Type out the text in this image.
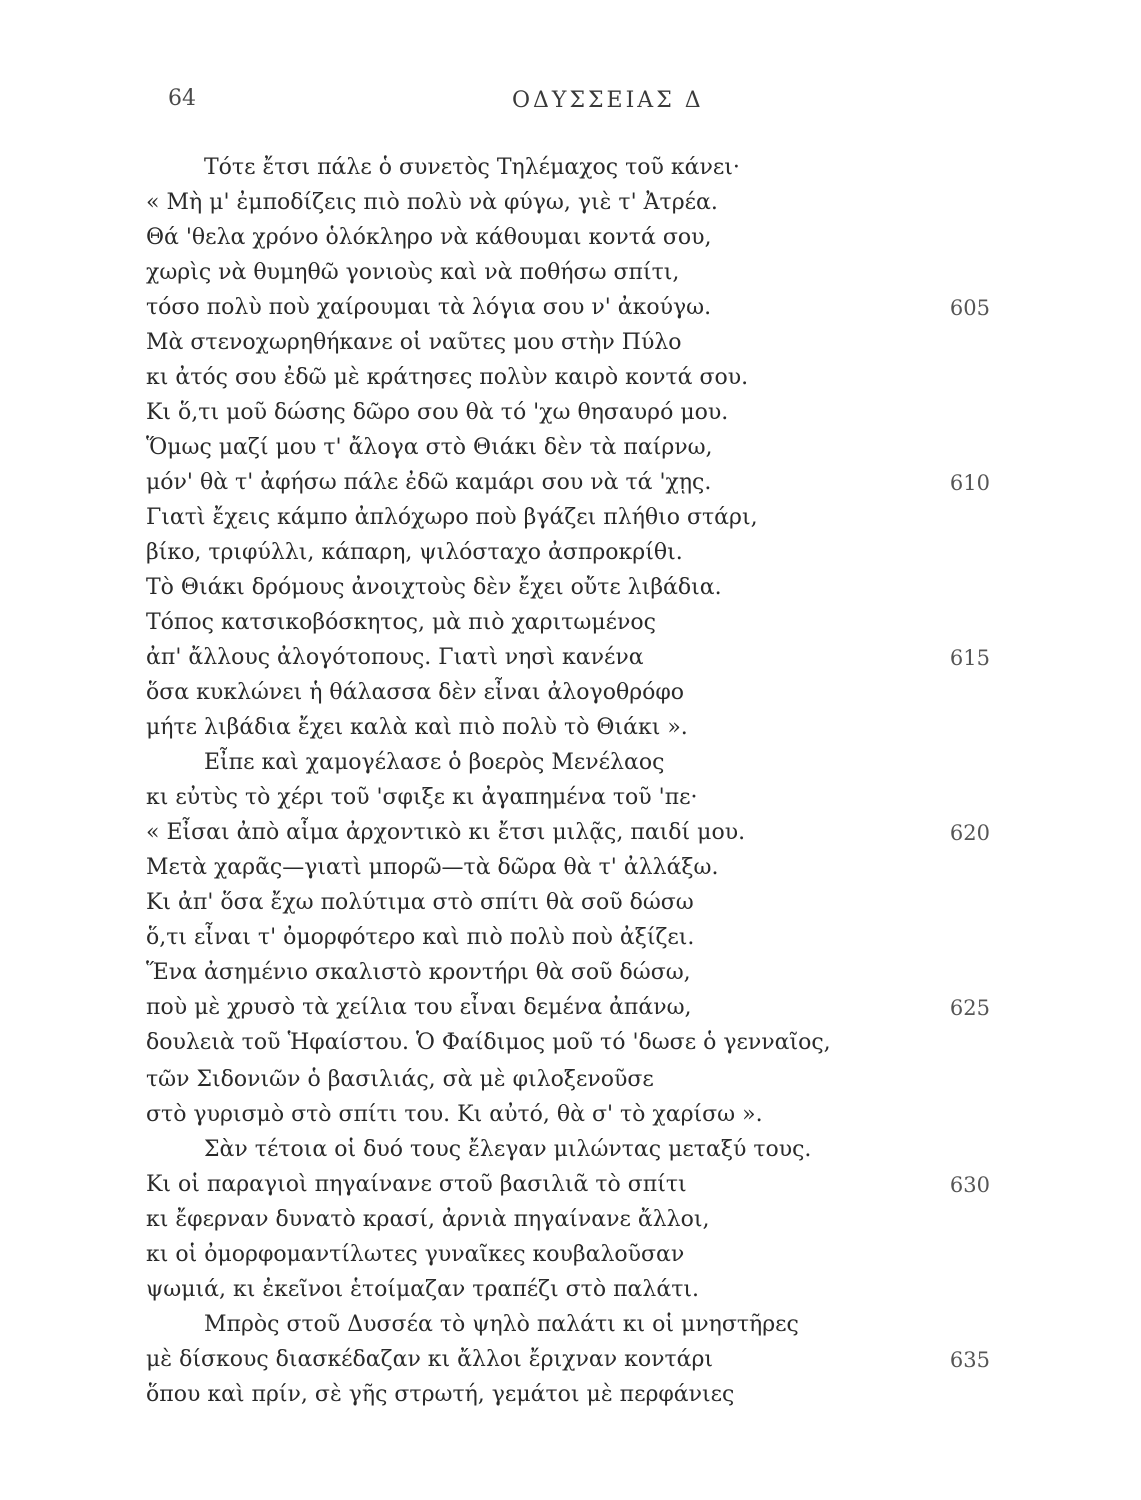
64	ΟΔΥΣΣΕΙΑΣ Δ
Τότε ἔτσι πάλε ὁ συνετὸς Τηλέμαχος τοῦ κάνει·
« Μὴ μ' ἐμποδίζεις πιὸ πολὺ νὰ φύγω, γιὲ τ' Ἀτρέα.
Θά 'θελα χρόνο ὁλόκληρο νὰ κάθουμαι κοντά σου,
χωρὶς νὰ θυμηθῶ γονιοὺς καὶ νὰ ποθήσω σπίτι,
τόσο πολὺ ποὺ χαίρουμαι τὰ λόγια σου ν' ἀκούγω.	605
Μὰ στενοχωρηθήκανε οἱ ναῦτες μου στὴν Πύλο
κι ἀτός σου ἐδῶ μὲ κράτησες πολὺν καιρὸ κοντά σου.
Κι ὅ,τι μοῦ δώσης δῶρο σου θὰ τό 'χω θησαυρό μου.
Ὅμως μαζί μου τ' ἄλογα στὸ Θιάκι δὲν τὰ παίρνω,
μόν' θὰ τ' ἀφήσω πάλε ἐδῶ καμάρι σου νὰ τά 'χῃς.	610
Γιατὶ ἔχεις κάμπο ἀπλόχωρο ποὺ βγάζει πλήθιο στάρι,
βίκο, τριφύλλι, κάπαρη, ψιλόσταχο ἀσπροκρίθι.
Τὸ Θιάκι δρόμους ἀνοιχτοὺς δὲν ἔχει οὔτε λιβάδια.
Τόπος κατσικοβόσκητος, μὰ πιὸ χαριτωμένος
ἀπ' ἄλλους ἀλογότοπους. Γιατὶ νησὶ κανένα	615
ὅσα κυκλώνει ἡ θάλασσα δὲν εἶναι ἀλογοθρόφο
μήτε λιβάδια ἔχει καλὰ καὶ πιὸ πολὺ τὸ Θιάκι ».
Εἶπε καὶ χαμογέλασε ὁ βοερὸς Μενέλαος
κι εὐτὺς τὸ χέρι τοῦ 'σφιξε κι ἀγαπημένα τοῦ 'πε·
« Εἶσαι ἀπὸ αἷμα ἀρχοντικὸ κι ἔτσι μιλᾷς, παιδί μου.	620
Μετὰ χαρᾶς—γιατὶ μπορῶ—τὰ δῶρα θὰ τ' ἀλλάξω.
Κι ἀπ' ὅσα ἔχω πολύτιμα στὸ σπίτι θὰ σοῦ δώσω
ὅ,τι εἶναι τ' ὀμορφότερο καὶ πιὸ πολὺ ποὺ ἀξίζει.
Ἕνα ἀσημένιο σκαλιστὸ κροντήρι θὰ σοῦ δώσω,
ποὺ μὲ χρυσὸ τὰ χείλια του εἶναι δεμένα ἀπάνω,	625
δουλειὰ τοῦ Ἡφαίστου. Ὁ Φαίδιμος μοῦ τό 'δωσε ὁ γενναῖος,
τῶν Σιδονιῶν ὁ βασιλιάς, σὰ μὲ φιλοξενοῦσε
στὸ γυρισμὸ στὸ σπίτι του. Κι αὐτό, θὰ σ' τὸ χαρίσω ».
Σὰν τέτοια οἱ δυό τους ἔλεγαν μιλώντας μεταξύ τους.
Κι οἱ παραγιοὶ πηγαίνανε στοῦ βασιλιᾶ τὸ σπίτι	630
κι ἔφερναν δυνατὸ κρασί, ἀρνιὰ πηγαίνανε ἄλλοι,
κι οἱ ὀμορφομαντίλωτες γυναῖκες κουβαλοῦσαν
ψωμιά, κι ἐκεῖνοι ἑτοίμαζαν τραπέζι στὸ παλάτι.
Μπρὸς στοῦ Δυσσέα τὸ ψηλὸ παλάτι κι οἱ μνηστῆρες
μὲ δίσκους διασκέδαζαν κι ἄλλοι ἔριχναν κοντάρι	635
ὅπου καὶ πρίν, σὲ γῆς στρωτή, γεμάτοι μὲ περφάνιες
